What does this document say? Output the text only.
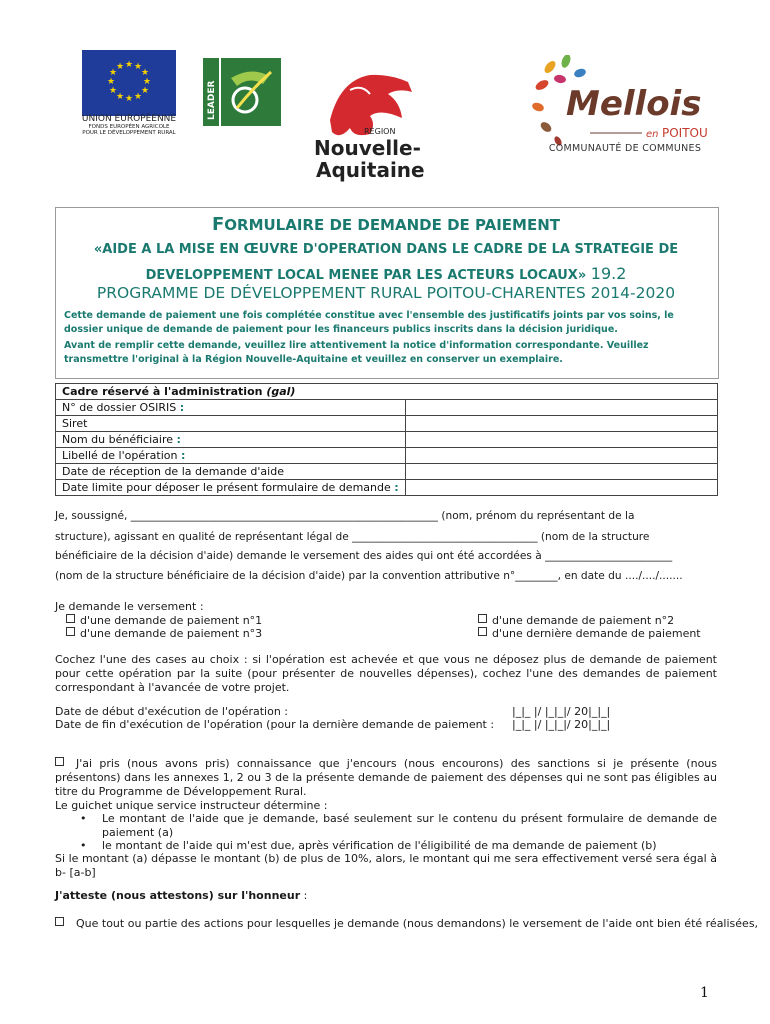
★ ★
★
★
★
★
★
★
★
★
★
★
UNION EUROPÉENNE
FONDS EUROPÉEN AGRICOLE
POUR LE DÉVELOPPEMENT RURAL
LEADER
RÉGION
Nouvelle-
Aquitaine
Mellois
en POITOU
COMMUNAUTÉ DE COMMUNES
FORMULAIRE DE DEMANDE DE PAIEMENT
«AIDE A LA MISE EN ŒUVRE D'OPERATION DANS LE CADRE DE LA STRATEGIE DE
DEVELOPPEMENT LOCAL MENEE PAR LES ACTEURS LOCAUX» 19.2
PROGRAMME DE DÉVELOPPEMENT RURAL POITOU-CHARENTES 2014-2020
Cette demande de paiement une fois complétée constitue avec l'ensemble des justificatifs joints par vos soins, le dossier unique de demande de paiement pour les financeurs publics inscrits dans la décision juridique.
Avant de remplir cette demande, veuillez lire attentivement la notice d'information correspondante. Veuillez transmettre l'original à la Région Nouvelle-Aquitaine et veuillez en conserver un exemplaire.
Cadre réservé à l'administration (gal)	
N° de dossier OSIRIS :	
Siret	
Nom du bénéficiaire :	
Libellé de l'opération :	
Date de réception de la demande d'aide	
Date limite pour déposer le présent formulaire de demande :	
Je, soussigné, __________________________________________________________ (nom, prénom du représentant de la
structure), agissant en qualité de représentant légal de ___________________________________ (nom de la structure
bénéficiaire de la décision d'aide) demande le versement des aides qui ont été accordées à ________________________
(nom de la structure bénéficiaire de la décision d'aide) par la convention attributive n°________, en date du ..../..../.......
Je demande le versement :
d'une demande de paiement n°1	d'une demande de paiement n°2
d'une demande de paiement n°3	d'une dernière demande de paiement
Cochez l'une des cases au choix : si l'opération est achevée et que vous ne déposez plus de demande de paiement pour cette opération par la suite (pour présenter de nouvelles dépenses), cochez l'une des demandes de paiement correspondant à l'avancée de votre projet.
Date de début d'exécution de l'opération :	|_|_ |/ |_|_|/ 20|_|_|
Date de fin d'exécution de l'opération (pour la dernière demande de paiement : |_|_ |/ |_|_|/ 20|_|_|
J'ai pris (nous avons pris) connaissance que j'encours (nous encourons) des sanctions si je présente (nous présentons) dans les annexes 1, 2 ou 3 de la présente demande de paiement des dépenses qui ne sont pas éligibles au titre du Programme de Développement Rural.
Le guichet unique service instructeur détermine :
•	Le montant de l'aide que je demande, basé seulement sur le contenu du présent formulaire de demande de paiement (a)
•	le montant de l'aide qui m'est due, après vérification de l'éligibilité de ma demande de paiement (b)
Si le montant (a) dépasse le montant (b) de plus de 10%, alors, le montant qui me sera effectivement versé sera égal à b- [a-b]
J'atteste (nous attestons) sur l'honneur :
Que tout ou partie des actions pour lesquelles je demande (nous demandons) le versement de l'aide ont bien été réalisées,
1
